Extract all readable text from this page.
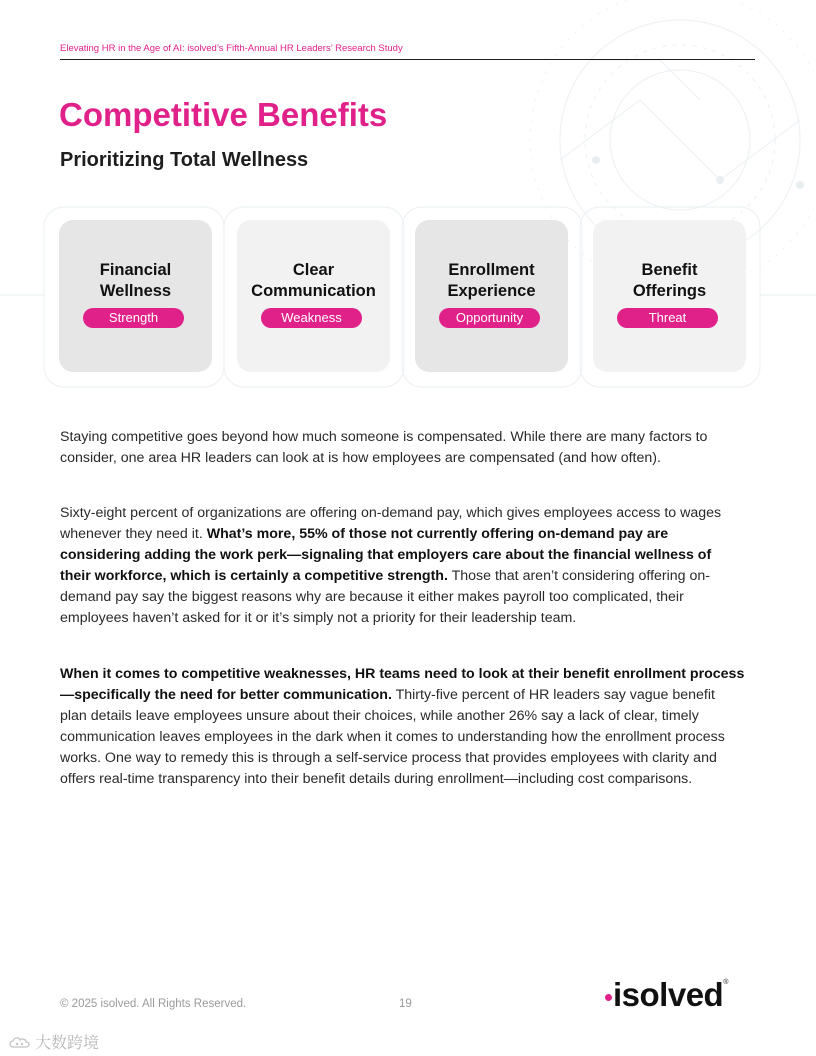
Elevating HR in the Age of AI: isolved’s Fifth-Annual HR Leaders’ Research Study
Competitive Benefits
Prioritizing Total Wellness
Financial
Wellness
Strength
Clear
Communication
Weakness
Enrollment
Experience
Opportunity
Benefit
Offerings
Threat

Staying competitive goes beyond how much someone is compensated. While there are many factors to consider, one area HR leaders can look at is how employees are compensated (and how often).

Sixty-eight percent of organizations are offering on-demand pay, which gives employees access to wages whenever they need it. What’s more, 55% of those not currently offering on-demand pay are considering adding the work perk—signaling that employers care about the financial wellness of their workforce, which is certainly a competitive strength. Those that aren’t considering offering on-demand pay say the biggest reasons why are because it either makes payroll too complicated, their employees haven’t asked for it or it’s simply not a priority for their leadership team.

When it comes to competitive weaknesses, HR teams need to look at their benefit enrollment process—specifically the need for better communication. Thirty-five percent of HR leaders say vague benefit plan details leave employees unsure about their choices, while another 26% say a lack of clear, timely communication leaves employees in the dark when it comes to understanding how the enrollment process works. One way to remedy this is through a self-service process that provides employees with clarity and offers real-time transparency into their benefit details during enrollment—including cost comparisons.

© 2025 isolved. All Rights Reserved.	19	isolved ®
大数跨境
